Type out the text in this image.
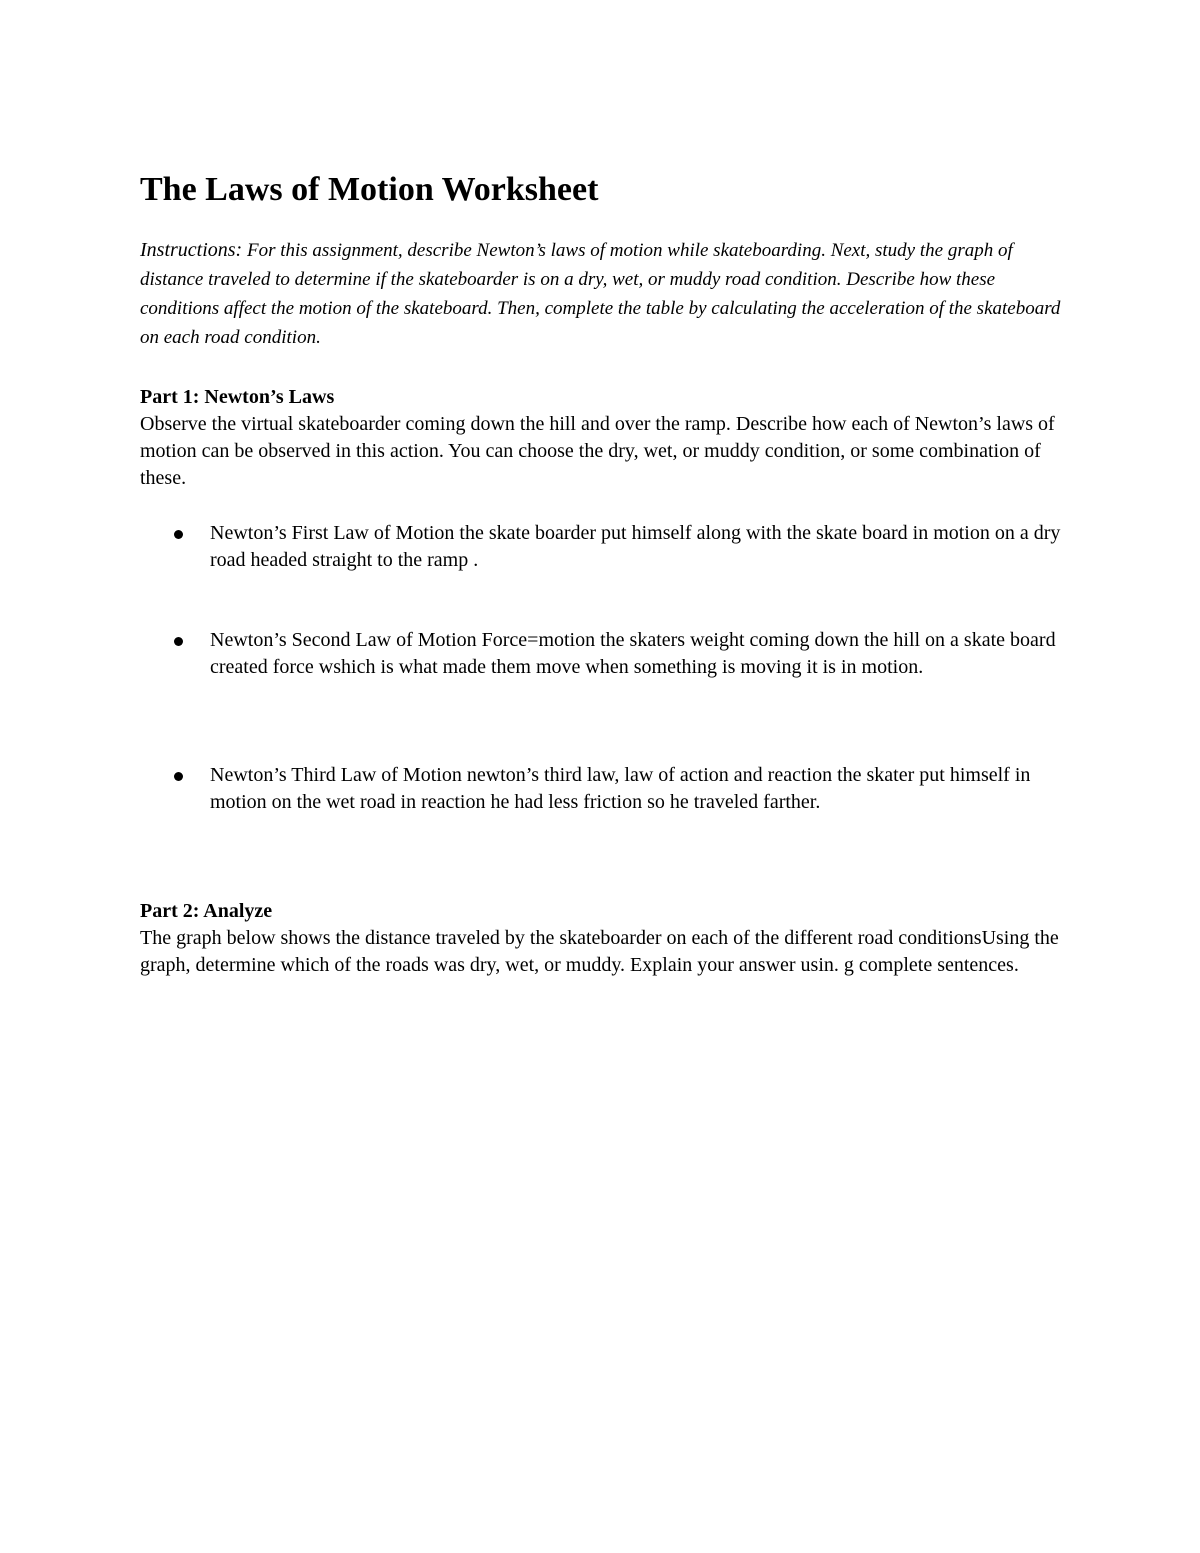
The Laws of Motion Worksheet

Instructions: For this assignment, describe Newton’s laws of motion while skateboarding. Next, study the graph of distance traveled to determine if the skateboarder is on a dry, wet, or muddy road condition. Describe how these conditions affect the motion of the skateboard. Then, complete the table by calculating the acceleration of the skateboard on each road condition.

Part 1: Newton’s Laws

Observe the virtual skateboarder coming down the hill and over the ramp. Describe how each of Newton’s laws of motion can be observed in this action. You can choose the dry, wet, or muddy condition, or some combination of these.

Newton’s First Law of Motion the skate boarder put himself along with the skate board in motion on a dry road headed straight to the ramp .
Newton’s Second Law of Motion Force=motion the skaters weight coming down the hill on a skate board created force wshich is what made them move when something is moving it is in motion.
Newton’s Third Law of Motion newton’s third law, law of action and reaction the skater put himself in motion on the wet road in reaction he had less friction so he traveled farther.
Part 2: Analyze

The graph below shows the distance traveled by the skateboarder on each of the different road conditionsUsing the graph, determine which of the roads was dry, wet, or muddy. Explain your answer usin. g complete sentences.
